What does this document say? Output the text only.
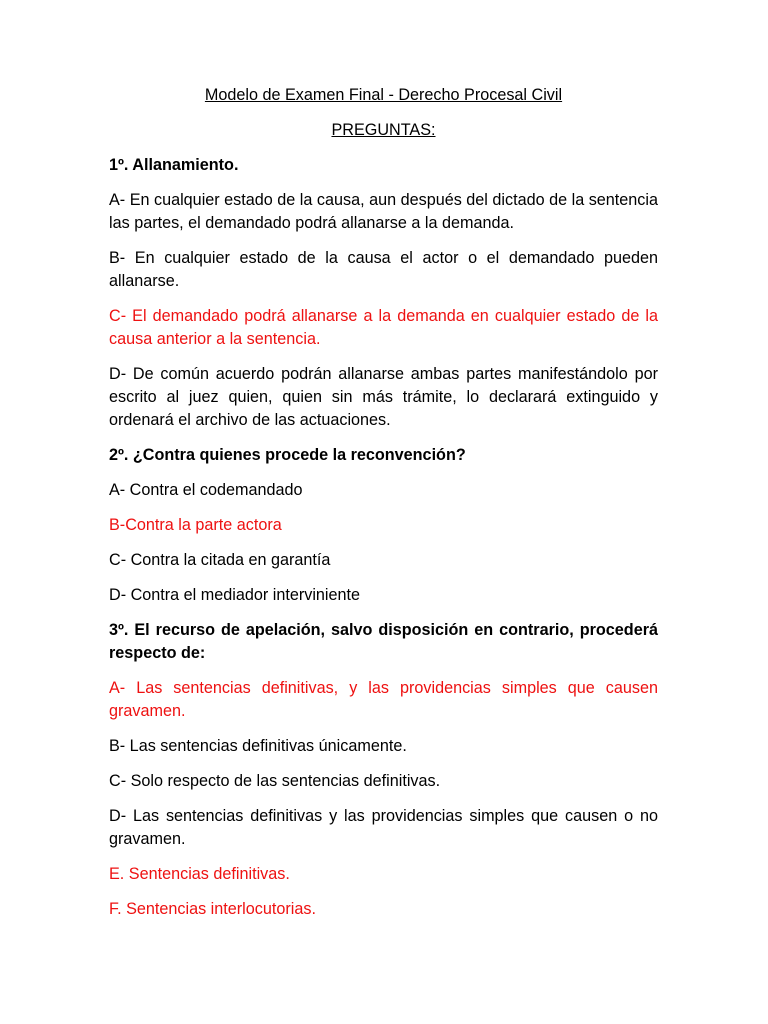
Modelo de Examen Final - Derecho Procesal Civil
PREGUNTAS:
1º. Allanamiento.
A- En cualquier estado de la causa, aun después del dictado de la sentencia las partes, el demandado podrá allanarse a la demanda.
B- En cualquier estado de la causa el actor o el demandado pueden allanarse.
C- El demandado podrá allanarse a la demanda en cualquier estado de la causa anterior a la sentencia.
D- De común acuerdo podrán allanarse ambas partes manifestándolo por escrito al juez quien, quien sin más trámite, lo declarará extinguido y ordenará el archivo de las actuaciones.
2º. ¿Contra quienes procede la reconvención?
A- Contra el codemandado
B-Contra la parte actora
C- Contra la citada en garantía
D- Contra el mediador interviniente
3º. El recurso de apelación, salvo disposición en contrario, procederá respecto de:
A- Las sentencias definitivas, y las providencias simples que causen gravamen.
B- Las sentencias definitivas únicamente.
C- Solo respecto de las sentencias definitivas.
D- Las sentencias definitivas y las providencias simples que causen o no gravamen.
E. Sentencias definitivas.
F. Sentencias interlocutorias.
